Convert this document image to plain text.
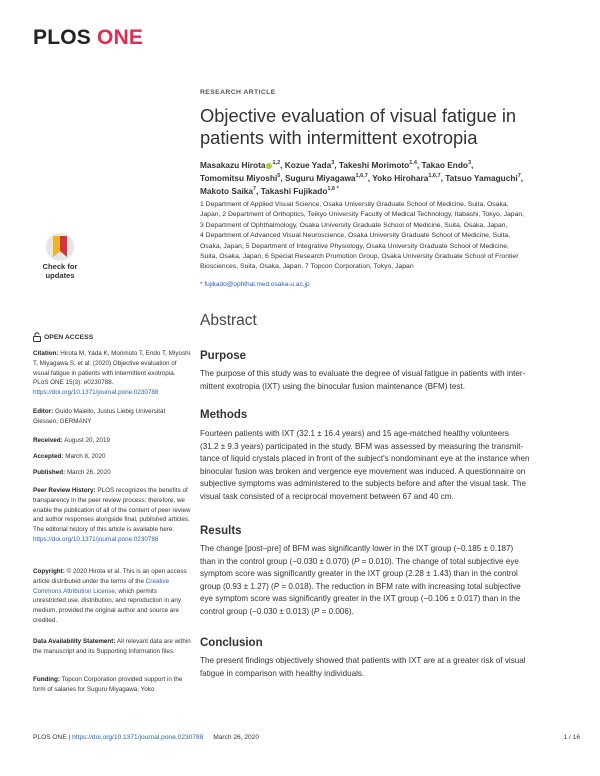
PLOS ONE
Check for
updates
OPEN ACCESS
Citation: Hirota M, Yada K, Morimoto T, Endo T, Miyoshi T, Miyagawa S, et al. (2020) Objective evaluation of visual fatigue in patients with intermittent exotropia. PLoS ONE 15(3): e0230788. https://doi.org/10.1371/journal.pone.0230788
Editor: Guido Maiello, Justus Liebig Universitat Giessen, GERMANY
Received: August 20, 2019
Accepted: March 8, 2020
Published: March 26, 2020
Peer Review History: PLOS recognizes the benefits of transparency in the peer review process; therefore, we enable the publication of all of the content of peer review and author responses alongside final, published articles. The editorial history of this article is available here: https://doi.org/10.1371/journal.pone.0230788
Copyright: © 2020 Hirota et al. This is an open access article distributed under the terms of the Creative Commons Attribution License, which permits unrestricted use, distribution, and reproduction in any medium, provided the original author and source are credited.
Data Availability Statement: All relevant data are within the manuscript and its Supporting Information files.
Funding: Topcon Corporation provided support in the form of salaries for Suguru Miyagawa, Yoko
RESEARCH ARTICLE
Objective evaluation of visual fatigue in
patients with intermittent exotropia
Masakazu Hirota $^{1,2}$, Kozue Yada$^3$, Takeshi Morimoto$^{1,4}$, Takao Endo$^3$,
Tomomitsu Miyoshi$^5$, Suguru Miyagawa$^{1,6,7}$, Yoko Hirohara$^{1,6,7}$, Tatsuo Yamaguchi$^7$,
Makoto Saika$^7$, Takashi Fujikado$^{1,6 *}$
1 Department of Applied Visual Science, Osaka University Graduate School of Medicine, Suita, Osaka,
Japan, 2 Department of Orthoptics, Teikyo University Faculty of Medical Technology, Itabashi, Tokyo, Japan,
3 Department of Ophthalmology, Osaka University Graduate School of Medicine, Suita, Osaka, Japan,
4 Department of Advanced Visual Neuroscience, Osaka University Graduate School of Medicine, Suita,
Osaka, Japan, 5 Department of Integrative Physiology, Osaka University Graduate School of Medicine,
Suita, Osaka, Japan, 6 Special Research Promotion Group, Osaka University Graduate School of Frontier
Biosciences, Suita, Osaka, Japan, 7 Topcon Corporation, Tokyo, Japan
* fujikado@ophthal.med.osaka-u.ac.jp
Abstract
Purpose
The purpose of this study was to evaluate the degree of visual fatigue in patients with inter-
mittent exotropia (IXT) using the binocular fusion maintenance (BFM) test.
Methods
Fourteen patients with IXT (32.1 ± 16.4 years) and 15 age-matched healthy volunteers
(31.2 ± 9.3 years) participated in the study. BFM was assessed by measuring the transmit-
tance of liquid crystals placed in front of the subject's nondominant eye at the instance when
binocular fusion was broken and vergence eye movement was induced. A questionnaire on
subjective symptoms was administered to the subjects before and after the visual task. The
visual task consisted of a reciprocal movement between 67 and 40 cm.
Results
The change [post–pre] of BFM was significantly lower in the IXT group (−0.185 ± 0.187)
than in the control group (−0.030 ± 0.070) (P = 0.010). The change of total subjective eye
symptom score was significantly greater in the IXT group (2.28 ± 1.43) than in the control
group (0.93 ± 1.27) (P = 0.018). The reduction in BFM rate with increasing total subjective
eye symptom score was significantly greater in the IXT group (−0.106 ± 0.017) than in the
control group (−0.030 ± 0.013) (P = 0.006).
Conclusion
The present findings objectively showed that patients with IXT are at a greater risk of visual
fatigue in comparison with healthy individuals.
PLOS ONE | https://doi.org/10.1371/journal.pone.0230788 March 26, 2020	1 / 16
